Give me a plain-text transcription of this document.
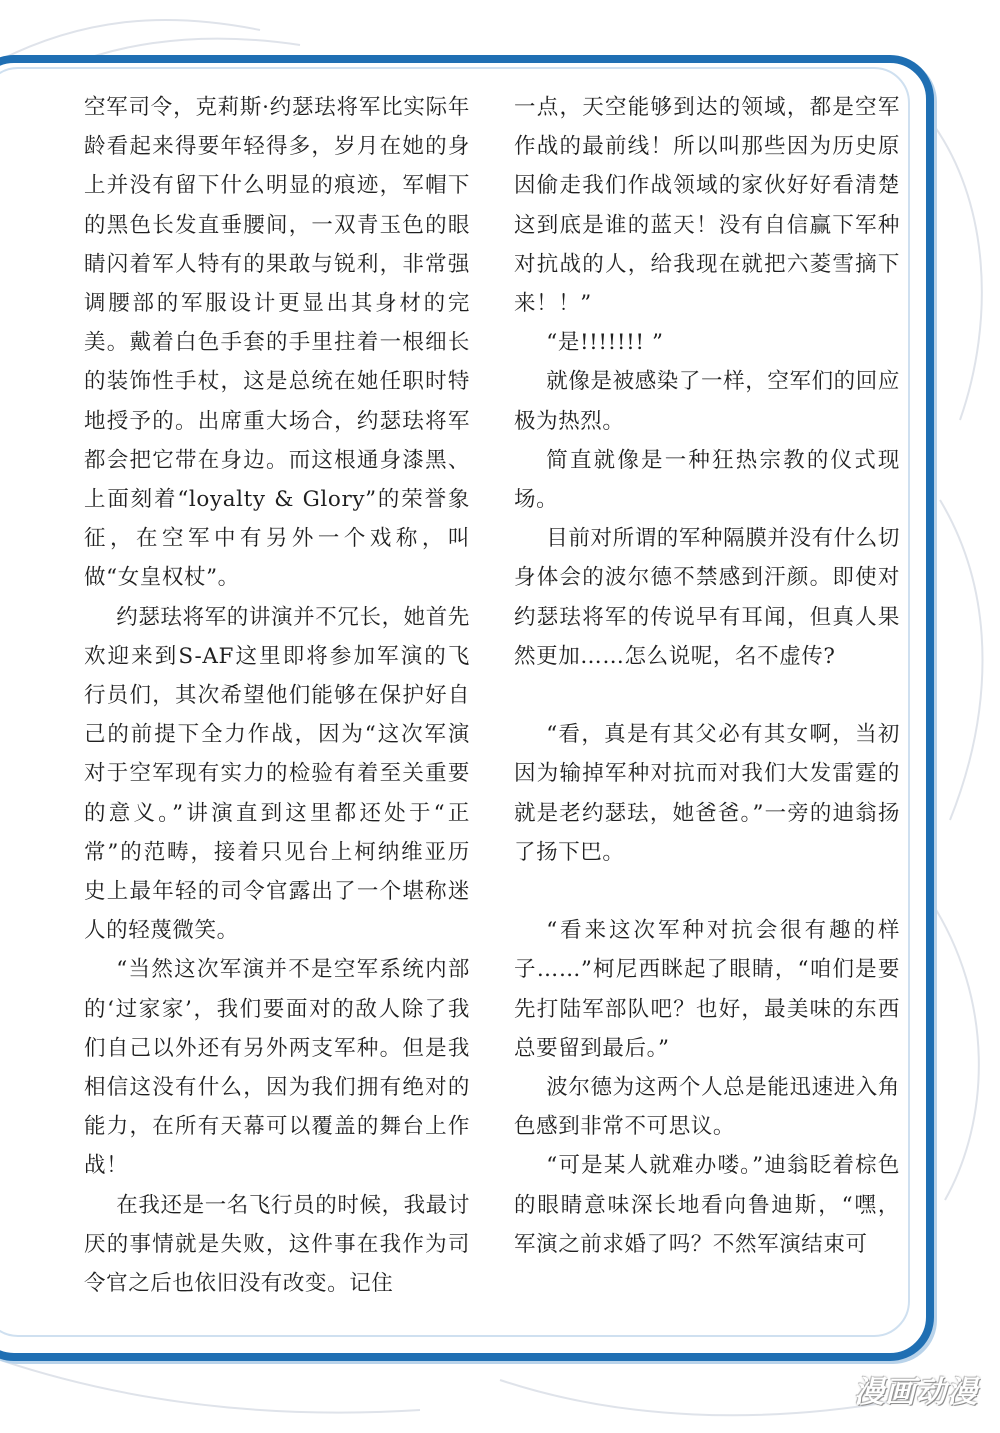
空军司令，克莉斯·约瑟珐将军比实际年龄看起来得要年轻得多，岁月在她的身上并没有留下什么明显的痕迹，军帽下的黑色长发直垂腰间，一双青玉色的眼睛闪着军人特有的果敢与锐利，非常强调腰部的军服设计更显出其身材的完美。戴着白色手套的手里拄着一根细长的装饰性手杖，这是总统在她任职时特地授予的。出席重大场合，约瑟珐将军都会把它带在身边。而这根通身漆黑、上面刻着“loyalty & Glory”的荣誉象征，在空军中有另外一个戏称，叫做“女皇权杖”。

约瑟珐将军的讲演并不冗长，她首先欢迎来到S-AF这里即将参加军演的飞行员们，其次希望他们能够在保护好自己的前提下全力作战，因为“这次军演对于空军现有实力的检验有着至关重要的意义。”讲演直到这里都还处于“正常”的范畴，接着只见台上柯纳维亚历史上最年轻的司令官露出了一个堪称迷人的轻蔑微笑。

“当然这次军演并不是空军系统内部的‘过家家’，我们要面对的敌人除了我们自己以外还有另外两支军种。但是我相信这没有什么，因为我们拥有绝对的能力，在所有天幕可以覆盖的舞台上作战！

在我还是一名飞行员的时候，我最讨厌的事情就是失败，这件事在我作为司令官之后也依旧没有改变。记住

一点，天空能够到达的领域，都是空军作战的最前线！所以叫那些因为历史原因偷走我们作战领域的家伙好好看清楚这到底是谁的蓝天！没有自信赢下军种对抗战的人，给我现在就把六菱雪摘下来！！”

“是!!!!!!! ”

就像是被感染了一样，空军们的回应极为热烈。

简直就像是一种狂热宗教的仪式现场。

目前对所谓的军种隔膜并没有什么切身体会的波尔德不禁感到汗颜。即使对约瑟珐将军的传说早有耳闻，但真人果然更加……怎么说呢，名不虚传?

“看，真是有其父必有其女啊，当初因为输掉军种对抗而对我们大发雷霆的就是老约瑟珐，她爸爸。”一旁的迪翁扬了扬下巴。

“看来这次军种对抗会很有趣的样子……”柯尼西眯起了眼睛，“咱们是要先打陆军部队吧？也好，最美味的东西总要留到最后。”

波尔德为这两个人总是能迅速进入角色感到非常不可思议。

“可是某人就难办喽。”迪翁眨着棕色的眼睛意味深长地看向鲁迪斯，“嘿，军演之前求婚了吗？不然军演结束可

漫画动漫
